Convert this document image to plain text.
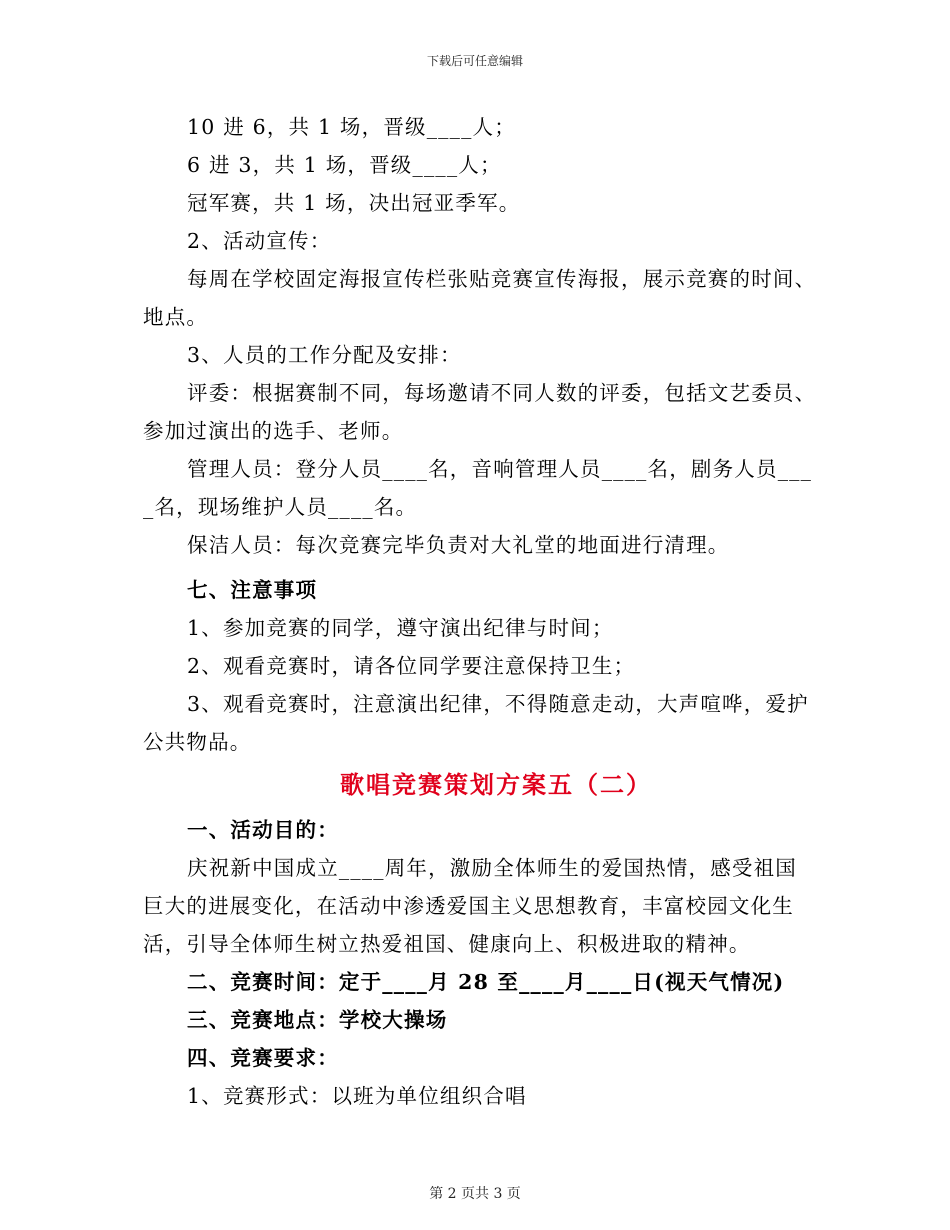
下载后可任意编辑
10 进 6，共 1 场，晋级____人；
6 进 3，共 1 场，晋级____人；
冠军赛，共 1 场，决出冠亚季军。
2、活动宣传：
每周在学校固定海报宣传栏张贴竞赛宣传海报，展示竞赛的时间、
地点。
3、人员的工作分配及安排：
评委：根据赛制不同，每场邀请不同人数的评委，包括文艺委员、
参加过演出的选手、老师。
管理人员：登分人员____名，音响管理人员____名，剧务人员___
_名，现场维护人员____名。
保洁人员：每次竞赛完毕负责对大礼堂的地面进行清理。
七、注意事项
1、参加竞赛的同学，遵守演出纪律与时间；
2、观看竞赛时，请各位同学要注意保持卫生；
3、观看竞赛时，注意演出纪律，不得随意走动，大声喧哗，爱护
公共物品。
歌唱竞赛策划方案五（二）
一、活动目的：
庆祝新中国成立____周年，激励全体师生的爱国热情，感受祖国
巨大的进展变化，在活动中渗透爱国主义思想教育，丰富校园文化生
活，引导全体师生树立热爱祖国、健康向上、积极进取的精神。
二、竞赛时间：定于____月 28 至____月____日(视天气情况)
三、竞赛地点：学校大操场
四、竞赛要求：
1、竞赛形式：以班为单位组织合唱
第 2 页共 3 页
